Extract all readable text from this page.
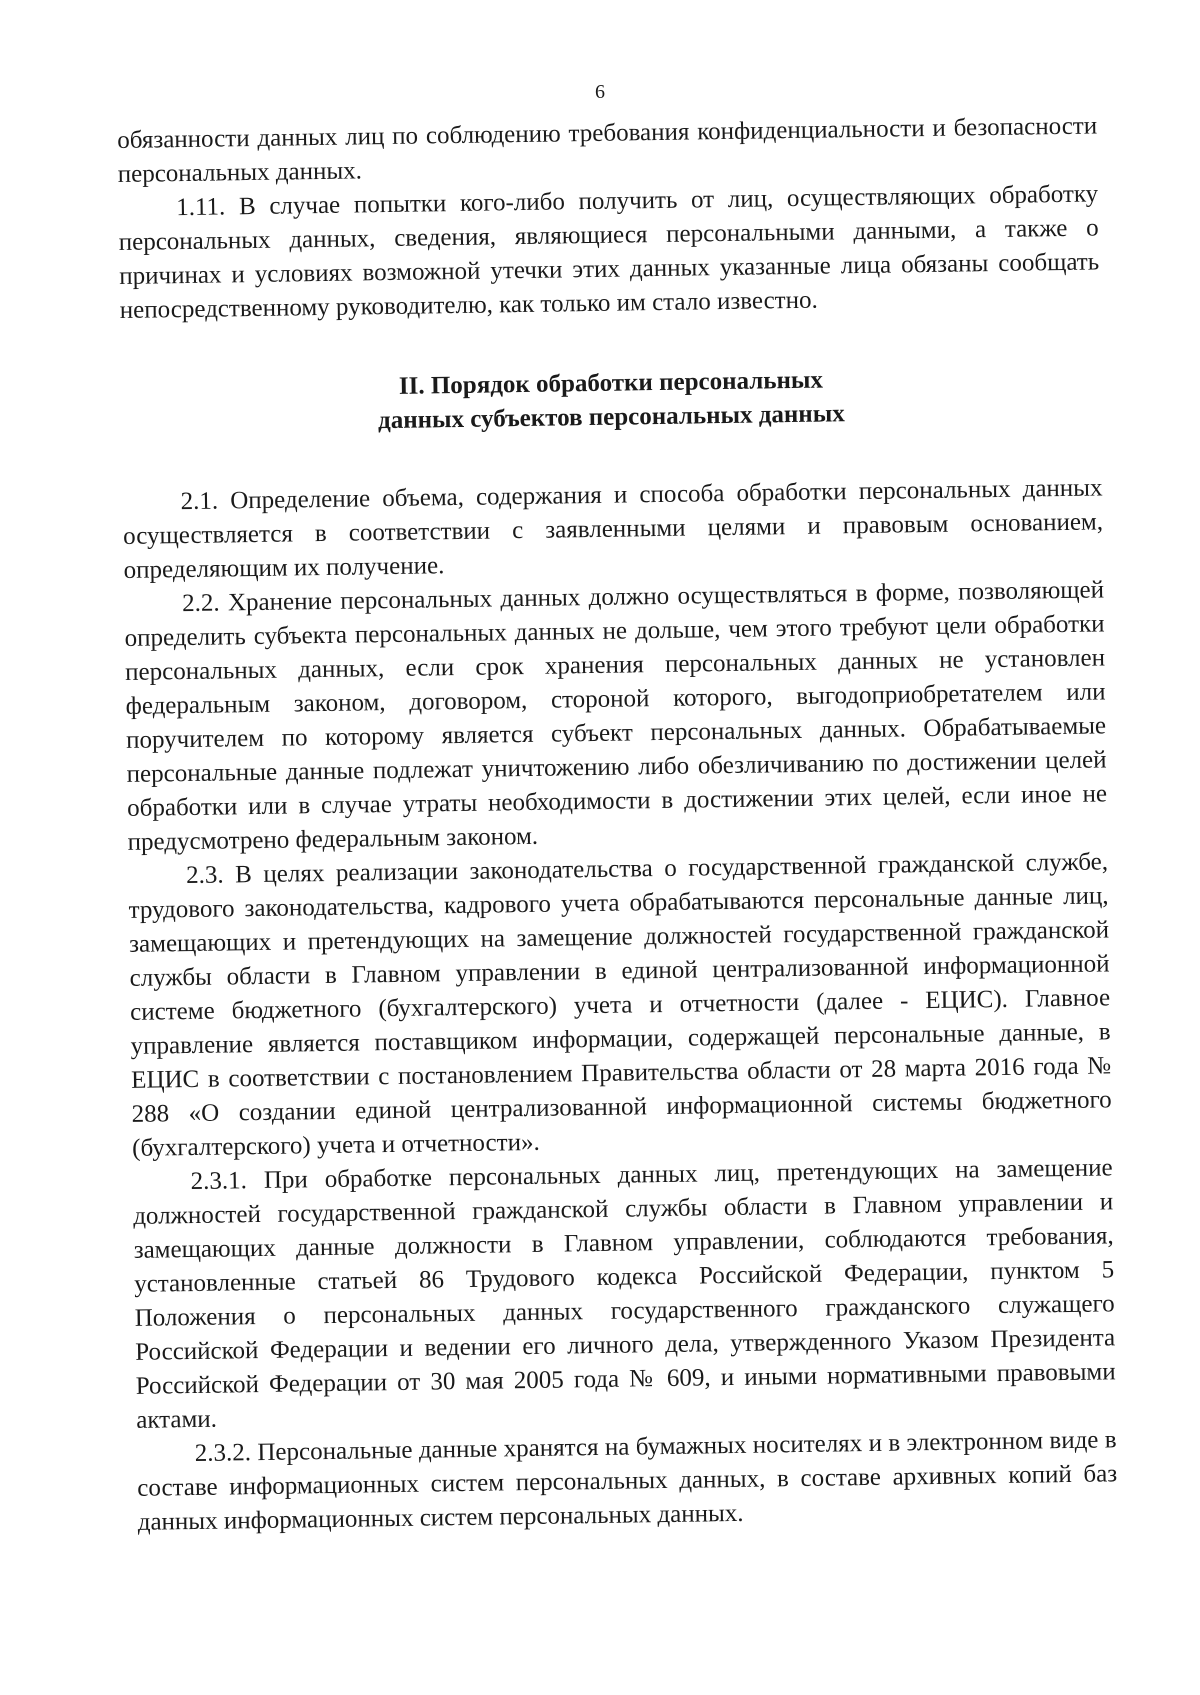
6

обязанности данных лиц по соблюдению требования конфиденциальности и безопасности персональных данных.

1.11. В случае попытки кого-либо получить от лиц, осуществляющих обработку персональных данных, сведения, являющиеся персональными данными, а также о причинах и условиях возможной утечки этих данных указанные лица обязаны сообщать непосредственному руководителю, как только им стало известно.

II. Порядок обработки персональных
данных субъектов персональных данных

2.1. Определение объема, содержания и способа обработки персональных данных осуществляется в соответствии с заявленными целями и правовым основанием, определяющим их получение.

2.2. Хранение персональных данных должно осуществляться в форме, позволяющей определить субъекта персональных данных не дольше, чем этого требуют цели обработки персональных данных, если срок хранения персональных данных не установлен федеральным законом, договором, стороной которого, выгодоприобретателем или поручителем по которому является субъект персональных данных. Обрабатываемые персональные данные подлежат уничтожению либо обезличиванию по достижении целей обработки или в случае утраты необходимости в достижении этих целей, если иное не предусмотрено федеральным законом.

2.3. В целях реализации законодательства о государственной гражданской службе, трудового законодательства, кадрового учета обрабатываются персональные данные лиц, замещающих и претендующих на замещение должностей государственной гражданской службы области в Главном управлении в единой централизованной информационной системе бюджетного (бухгалтерского) учета и отчетности (далее - ЕЦИС). Главное управление является поставщиком информации, содержащей персональные данные, в ЕЦИС в соответствии с постановлением Правительства области от 28 марта 2016 года № 288 «О создании единой централизованной информационной системы бюджетного (бухгалтерского) учета и отчетности».

2.3.1. При обработке персональных данных лиц, претендующих на замещение должностей государственной гражданской службы области в Главном управлении и замещающих данные должности в Главном управлении, соблюдаются требования, установленные статьей 86 Трудового кодекса Российской Федерации, пунктом 5 Положения о персональных данных государственного гражданского служащего Российской Федерации и ведении его личного дела, утвержденного Указом Президента Российской Федерации от 30 мая 2005 года № 609, и иными нормативными правовыми актами.

2.3.2. Персональные данные хранятся на бумажных носителях и в электронном виде в составе информационных систем персональных данных, в составе архивных копий баз данных информационных систем персональных данных.
